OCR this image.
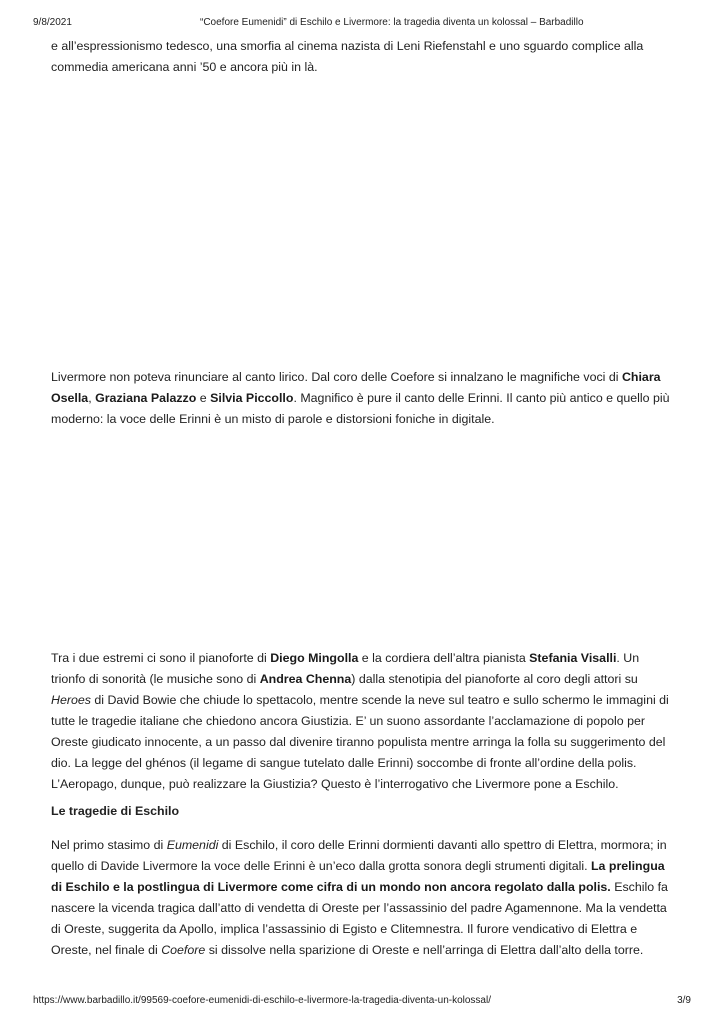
9/8/2021	“Coefore Eumenidi” di Eschilo e Livermore: la tragedia diventa un kolossal – Barbadillo

e all’espressionismo tedesco, una smorfia al cinema nazista di Leni Riefenstahl e uno sguardo complice alla commedia americana anni ’50 e ancora più in là.

Livermore non poteva rinunciare al canto lirico. Dal coro delle Coefore si innalzano le magnifiche voci di Chiara Osella, Graziana Palazzo e Silvia Piccollo. Magnifico è pure il canto delle Erinni. Il canto più antico e quello più moderno: la voce delle Erinni è un misto di parole e distorsioni foniche in digitale.

Tra i due estremi ci sono il pianoforte di Diego Mingolla e la cordiera dell’altra pianista Stefania Visalli. Un trionfo di sonorità (le musiche sono di Andrea Chenna) dalla stenotipia del pianoforte al coro degli attori su Heroes di David Bowie che chiude lo spettacolo, mentre scende la neve sul teatro e sullo schermo le immagini di tutte le tragedie italiane che chiedono ancora Giustizia. E’ un suono assordante l’acclamazione di popolo per Oreste giudicato innocente, a un passo dal divenire tiranno populista mentre arringa la folla su suggerimento del dio. La legge del ghénos (il legame di sangue tutelato dalle Erinni) soccombe di fronte all’ordine della polis. L’Aeropago, dunque, può realizzare la Giustizia? Questo è l’interrogativo che Livermore pone a Eschilo.

Le tragedie di Eschilo

Nel primo stasimo di Eumenidi di Eschilo, il coro delle Erinni dormienti davanti allo spettro di Elettra, mormora; in quello di Davide Livermore la voce delle Erinni è un’eco dalla grotta sonora degli strumenti digitali. La prelingua di Eschilo e la postlingua di Livermore come cifra di un mondo non ancora regolato dalla polis. Eschilo fa nascere la vicenda tragica dall’atto di vendetta di Oreste per l’assassinio del padre Agamennone. Ma la vendetta di Oreste, suggerita da Apollo, implica l’assassinio di Egisto e Clitemnestra. Il furore vendicativo di Elettra e Oreste, nel finale di Coefore si dissolve nella sparizione di Oreste e nell’arringa di Elettra dall’alto della torre.

https://www.barbadillo.it/99569-coefore-eumenidi-di-eschilo-e-livermore-la-tragedia-diventa-un-kolossal/	3/9
